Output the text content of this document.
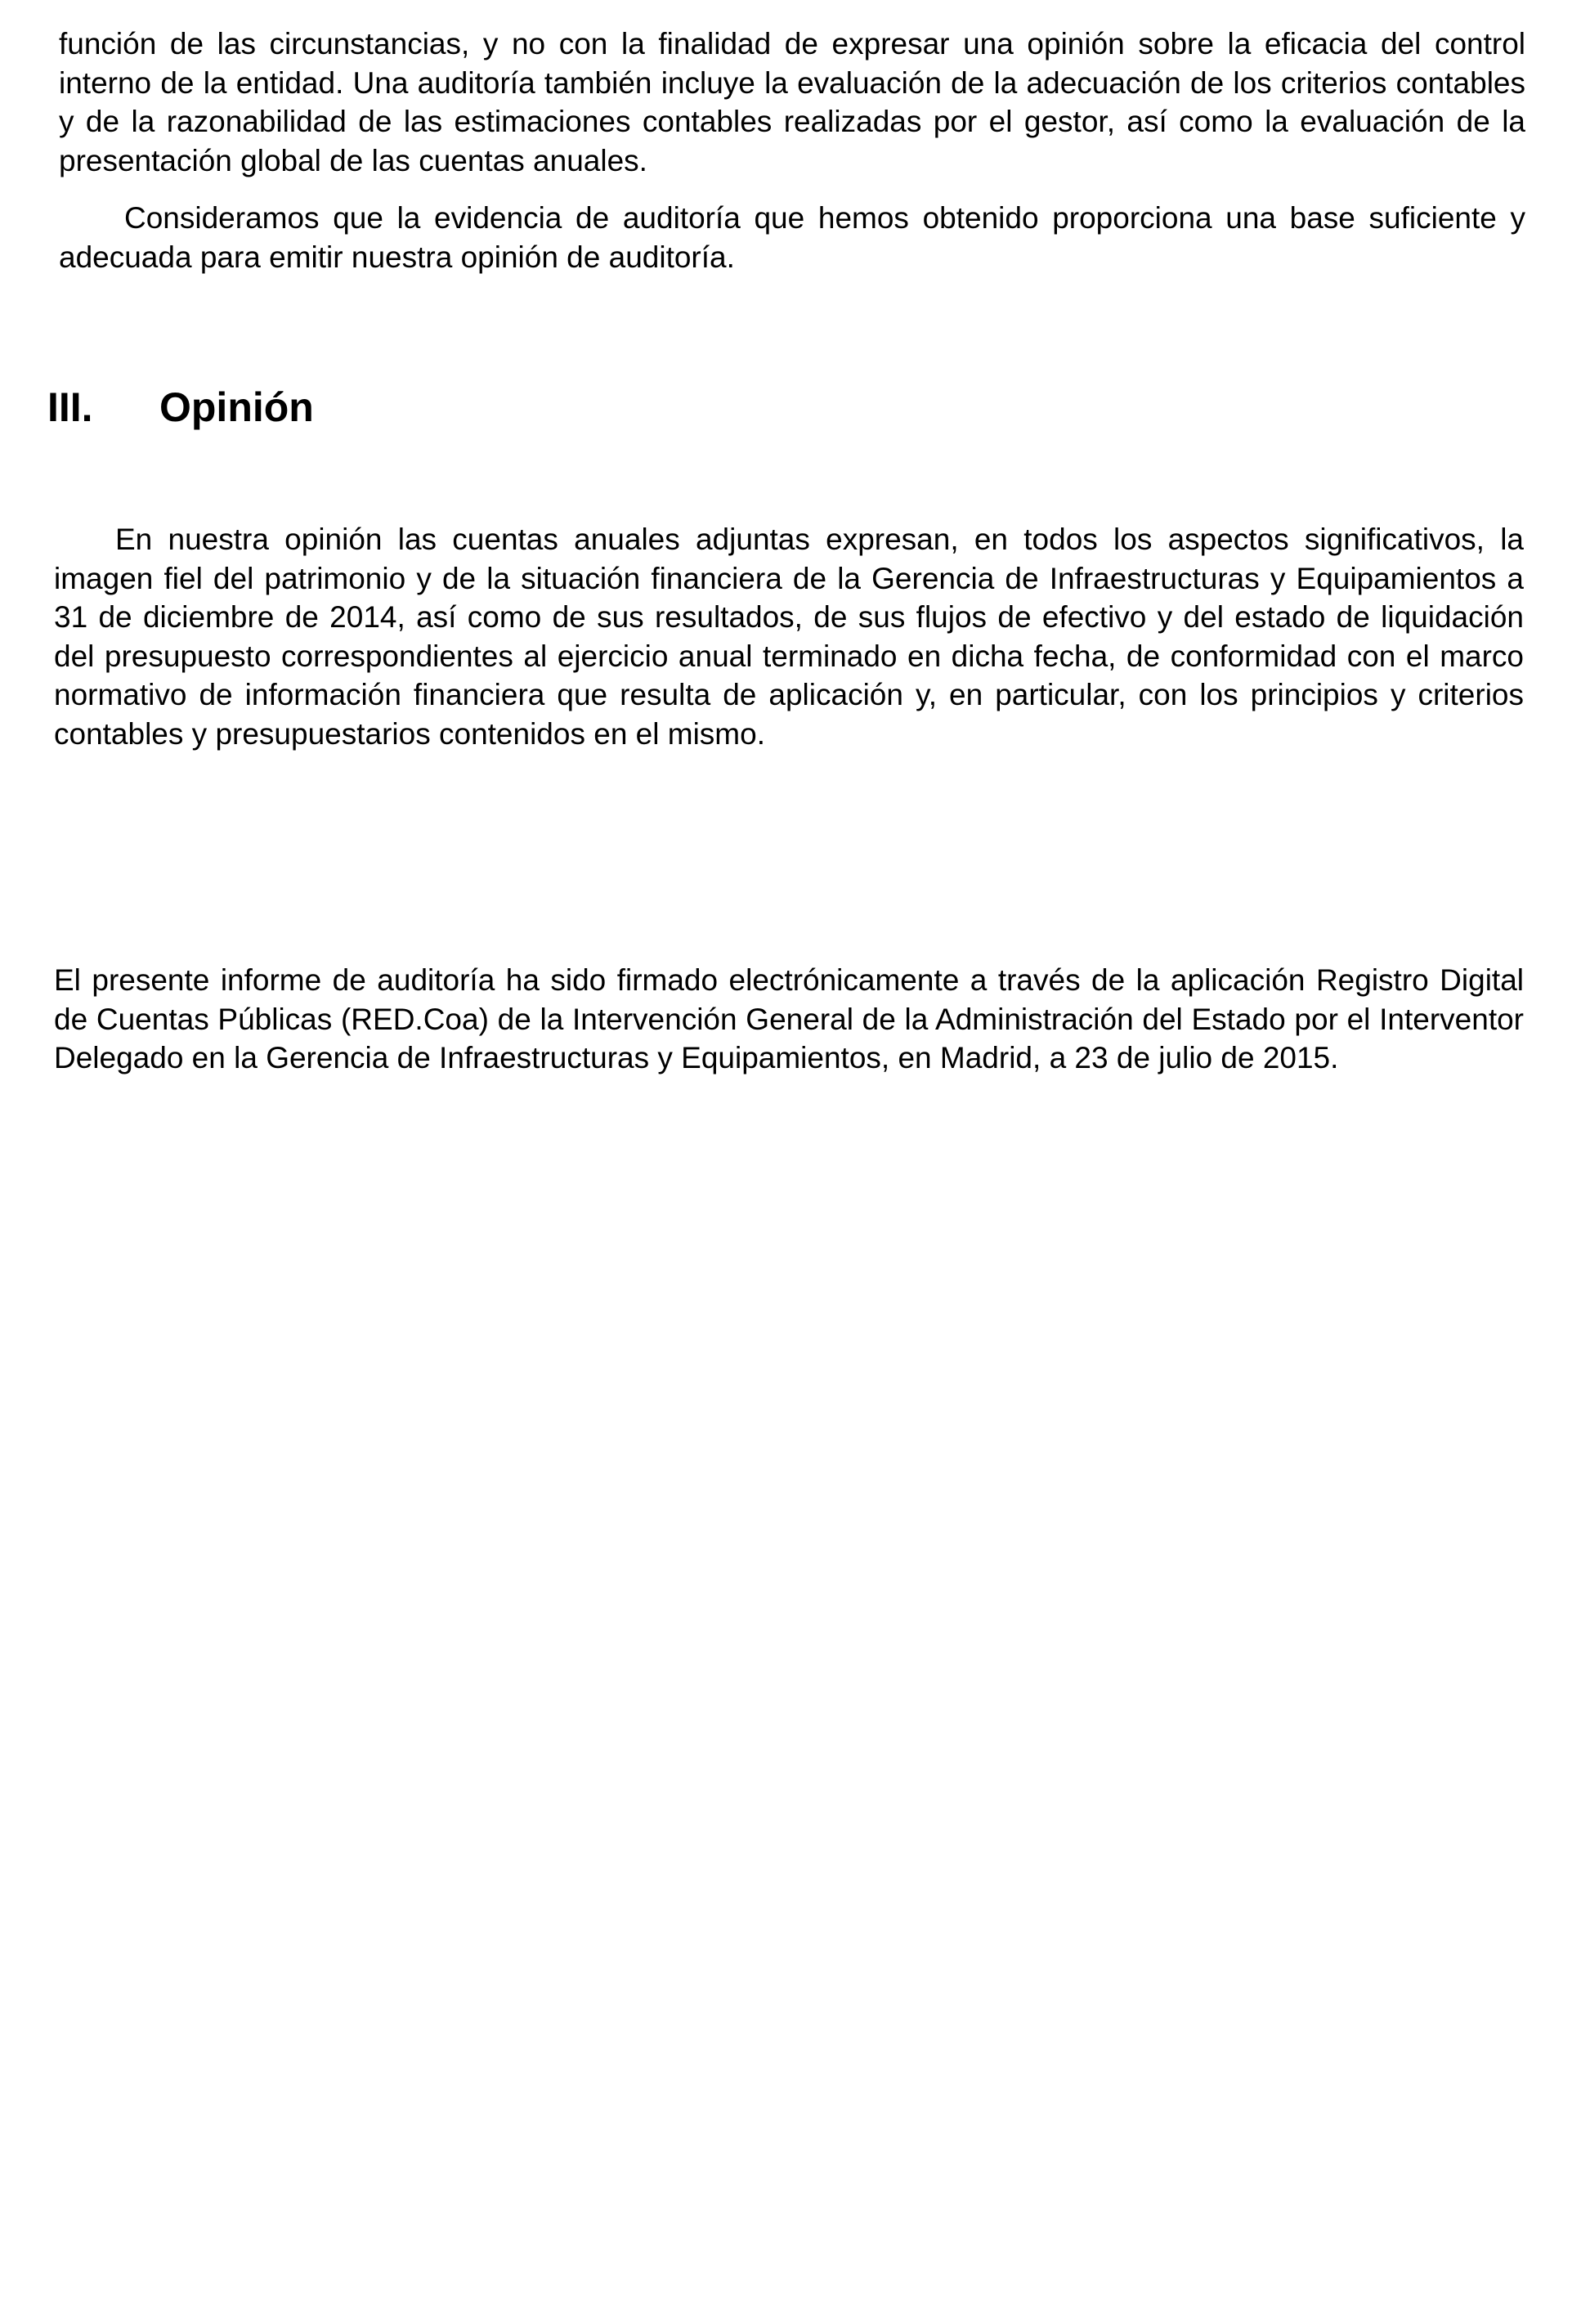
función de las circunstancias, y no con la finalidad de expresar una opinión sobre la eficacia del control interno de la entidad. Una auditoría también incluye la evaluación de la adecuación de los criterios contables y de la razonabilidad de las estimaciones contables realizadas por el gestor, así como la evaluación de la presentación global de las cuentas anuales.

Consideramos que la evidencia de auditoría que hemos obtenido proporciona una base suficiente y adecuada para emitir nuestra opinión de auditoría.

III. Opinión

En nuestra opinión las cuentas anuales adjuntas expresan, en todos los aspectos significativos, la imagen fiel del patrimonio y de la situación financiera de la Gerencia de Infraestructuras y Equipamientos a 31 de diciembre de 2014, así como de sus resultados, de sus flujos de efectivo y del estado de liquidación del presupuesto correspondientes al ejercicio anual terminado en dicha fecha, de conformidad con el marco normativo de información financiera que resulta de aplicación y, en particular, con los principios y criterios contables y presupuestarios contenidos en el mismo.

El presente informe de auditoría ha sido firmado electrónicamente a través de la aplicación Registro Digital de Cuentas Públicas (RED.Coa) de la Intervención General de la Administración del Estado por el Interventor Delegado en la Gerencia de Infraestructuras y Equipamientos, en Madrid, a 23 de julio de 2015.
